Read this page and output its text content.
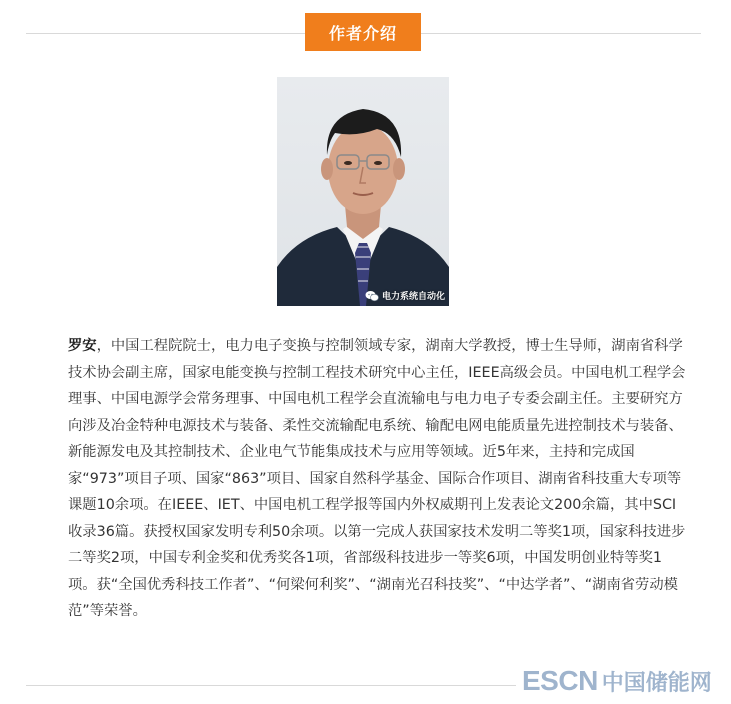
作者介绍
电力系统自动化

罗安，中国工程院院士，电力电子变换与控制领域专家，湖南大学教授，博士生导师，湖南省科学技术协会副主席，国家电能变换与控制工程技术研究中心主任，IEEE高级会员。中国电机工程学会理事、中国电源学会常务理事、中国电机工程学会直流输电与电力电子专委会副主任。主要研究方向涉及冶金特种电源技术与装备、柔性交流输配电系统、输配电网电能质量先进控制技术与装备、新能源发电及其控制技术、企业电气节能集成技术与应用等领域。近5年来，主持和完成国家“973”项目子项、国家“863”项目、国家自然科学基金、国际合作项目、湖南省科技重大专项等课题10余项。在IEEE、IET、中国电机工程学报等国内外权威期刊上发表论文200余篇，其中SCI收录36篇。获授权国家发明专利50余项。以第一完成人获国家技术发明二等奖1项，国家科技进步二等奖2项，中国专利金奖和优秀奖各1项，省部级科技进步一等奖6项，中国发明创业特等奖1项。获“全国优秀科技工作者”、“何梁何利奖”、“湖南光召科技奖”、“中达学者”、“湖南省劳动模范”等荣誉。

ESCN 中国储能网
